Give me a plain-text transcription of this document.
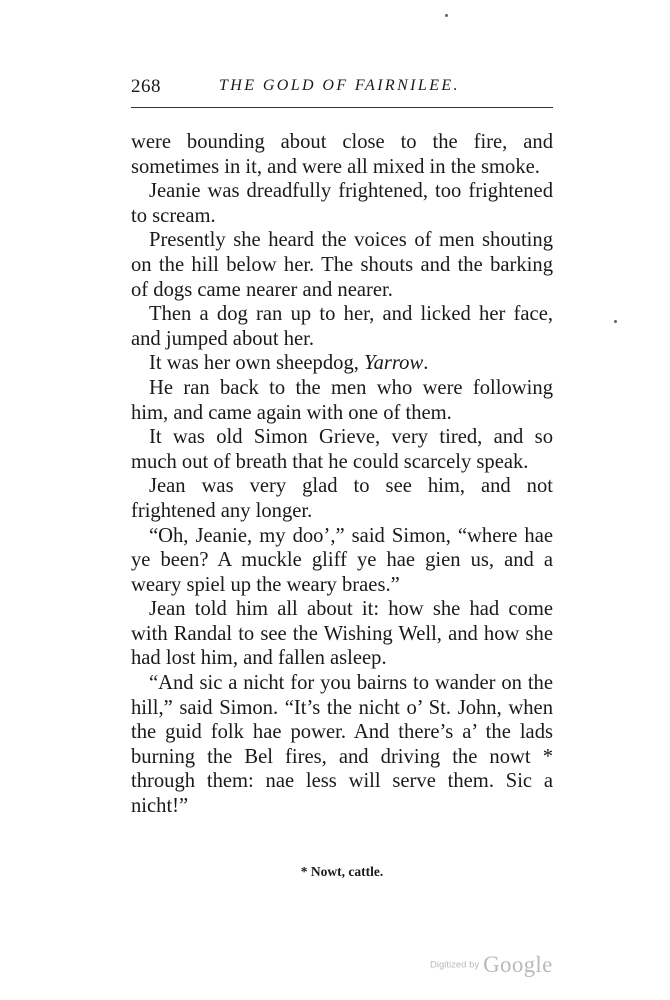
268	THE GOLD OF FAIRNILEE.

were bounding about close to the fire, and sometimes in it, and were all mixed in the smoke.

Jeanie was dreadfully frightened, too frightened to scream.

Presently she heard the voices of men shouting on the hill below her. The shouts and the barking of dogs came nearer and nearer.

Then a dog ran up to her, and licked her face, and jumped about her.

It was her own sheepdog, Yarrow.

He ran back to the men who were following him, and came again with one of them.

It was old Simon Grieve, very tired, and so much out of breath that he could scarcely speak.

Jean was very glad to see him, and not frightened any longer.

“Oh, Jeanie, my doo’,” said Simon, “where hae ye been? A muckle gliff ye hae gien us, and a weary spiel up the weary braes.”

Jean told him all about it: how she had come with Randal to see the Wishing Well, and how she had lost him, and fallen asleep.

“And sic a nicht for you bairns to wander on the hill,” said Simon. “It’s the nicht o’ St. John, when the guid folk hae power. And there’s a’ the lads burning the Bel fires, and driving the nowt * through them: nae less will serve them. Sic a nicht!”

* Nowt, cattle.
Digitized by Google
